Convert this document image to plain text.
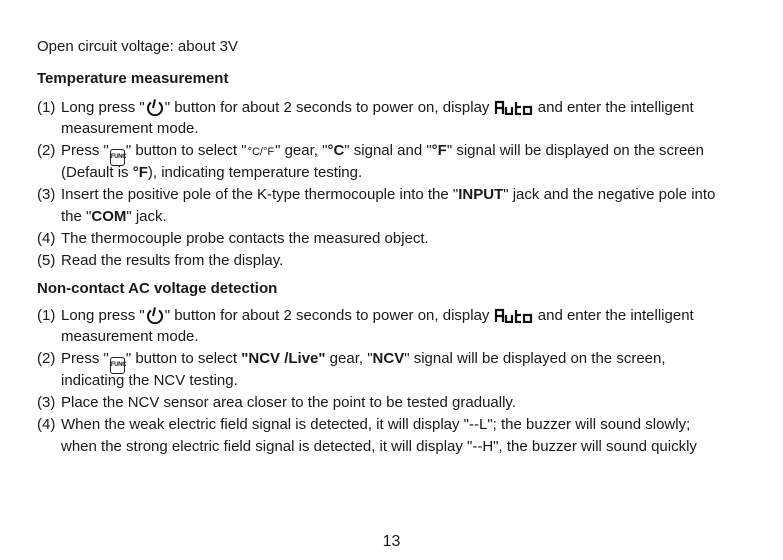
Open circuit voltage: about 3V
Temperature measurement
(1) Long press " " button for about 2 seconds to power on, display	and enter the intelligent
measurement mode.
(2) Press " FUNC" button to select "°C/°F" gear, "°C" signal and "°F" signal will be displayed on the screen
(Default is °F), indicating temperature testing.
(3) Insert the positive pole of the K-type thermocouple into the "INPUT" jack and the negative pole into
the "COM" jack.
(4) The thermocouple probe contacts the measured object.
(5) Read the results from the display.
Non-contact AC voltage detection
(1) Long press " " button for about 2 seconds to power on, display	and enter the intelligent
measurement mode.
(2) Press " FUNC" button to select "NCV /Live" gear, "NCV" signal will be displayed on the screen,
indicating the NCV testing.
(3) Place the NCV sensor area closer to the point to be tested gradually.
(4) When the weak electric field signal is detected, it will display "--L"; the buzzer will sound slowly;
when the strong electric field signal is detected, it will display "--H", the buzzer will sound quickly
13
